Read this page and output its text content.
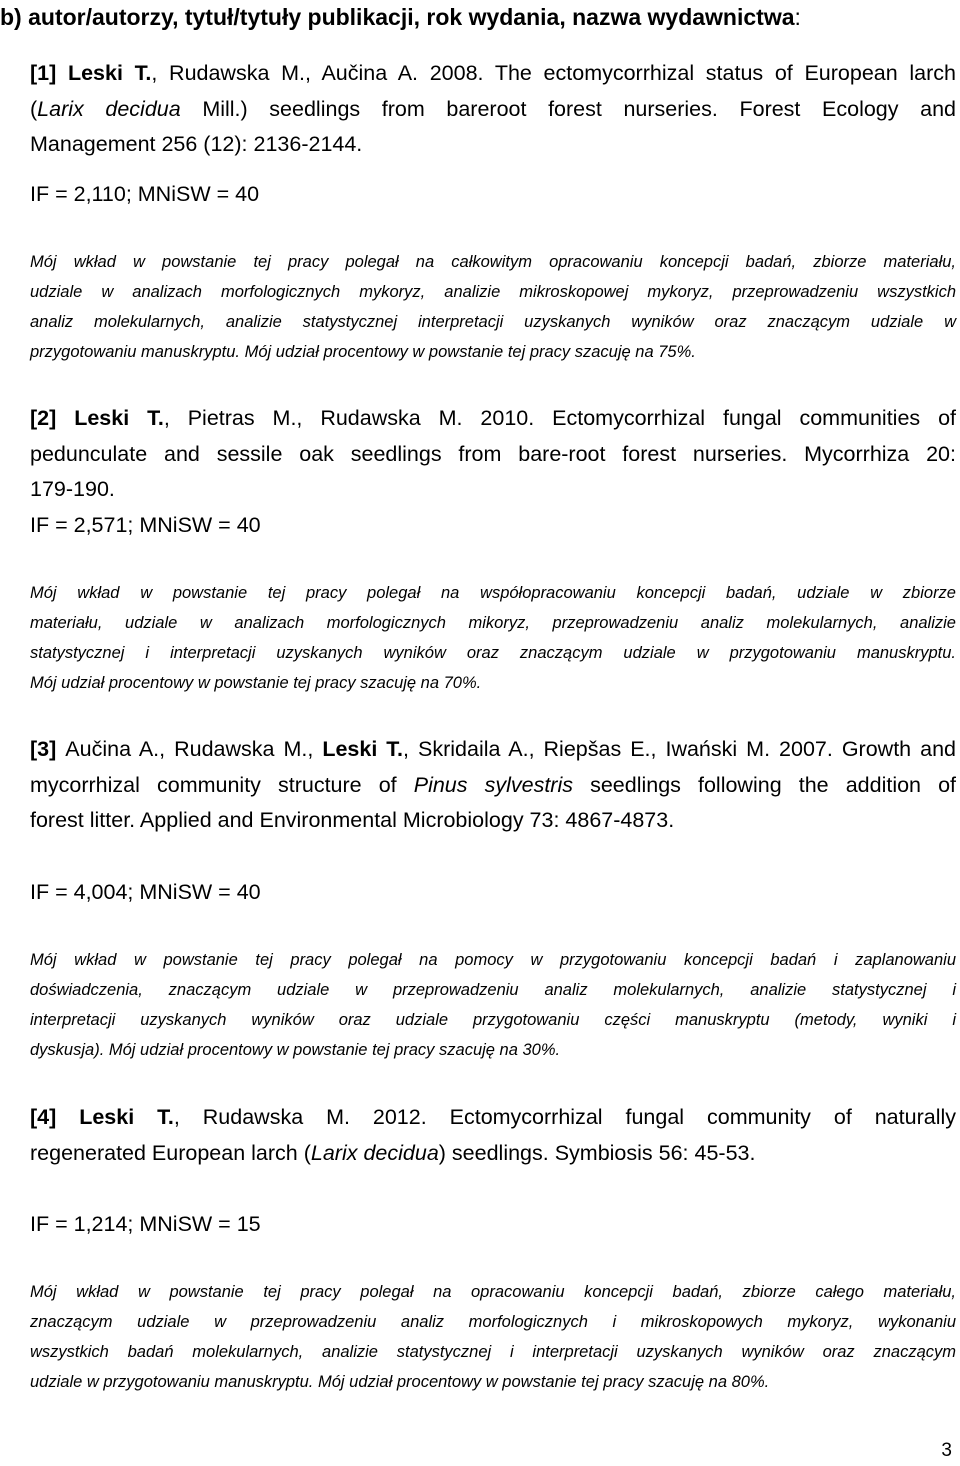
b) autor/autorzy, tytuł/tytuły publikacji, rok wydania, nazwa wydawnictwa:
[1] Leski T., Rudawska M., Aučina A. 2008. The ectomycorrhizal status of European larch
(Larix decidua Mill.) seedlings from bareroot forest nurseries. Forest Ecology and
Management 256 (12): 2136-2144.
IF = 2,110; MNiSW = 40
Mój wkład w powstanie tej pracy polegał na całkowitym opracowaniu koncepcji badań, zbiorze materiału,
udziale w analizach morfologicznych mykoryz, analizie mikroskopowej mykoryz, przeprowadzeniu wszystkich
analiz molekularnych, analizie statystycznej interpretacji uzyskanych wyników oraz znaczącym udziale w
przygotowaniu manuskryptu. Mój udział procentowy w powstanie tej pracy szacuję na 75%.
[2] Leski T., Pietras M., Rudawska M. 2010. Ectomycorrhizal fungal communities of
pedunculate and sessile oak seedlings from bare-root forest nurseries. Mycorrhiza 20:
179-190.
IF = 2,571; MNiSW = 40
Mój wkład w powstanie tej pracy polegał na współopracowaniu koncepcji badań, udziale w zbiorze
materiału, udziale w analizach morfologicznych mikoryz, przeprowadzeniu analiz molekularnych, analizie
statystycznej i interpretacji uzyskanych wyników oraz znaczącym udziale w przygotowaniu manuskryptu.
Mój udział procentowy w powstanie tej pracy szacuję na 70%.
[3] Aučina A., Rudawska M., Leski T., Skridaila A., Riepšas E., Iwański M. 2007. Growth and
mycorrhizal community structure of Pinus sylvestris seedlings following the addition of
forest litter. Applied and Environmental Microbiology 73: 4867-4873.
IF = 4,004; MNiSW = 40
Mój wkład w powstanie tej pracy polegał na pomocy w przygotowaniu koncepcji badań i zaplanowaniu
doświadczenia, znaczącym udziale w przeprowadzeniu analiz molekularnych, analizie statystycznej i
interpretacji uzyskanych wyników oraz udziale przygotowaniu części manuskryptu (metody, wyniki i
dyskusja). Mój udział procentowy w powstanie tej pracy szacuję na 30%.
[4] Leski T., Rudawska M. 2012. Ectomycorrhizal fungal community of naturally
regenerated European larch (Larix decidua) seedlings. Symbiosis 56: 45-53.
IF = 1,214; MNiSW = 15
Mój wkład w powstanie tej pracy polegał na opracowaniu koncepcji badań, zbiorze całego materiału,
znaczącym udziale w przeprowadzeniu analiz morfologicznych i mikroskopowych mykoryz, wykonaniu
wszystkich badań molekularnych, analizie statystycznej i interpretacji uzyskanych wyników oraz znaczącym
udziale w przygotowaniu manuskryptu. Mój udział procentowy w powstanie tej pracy szacuję na 80%.
3
